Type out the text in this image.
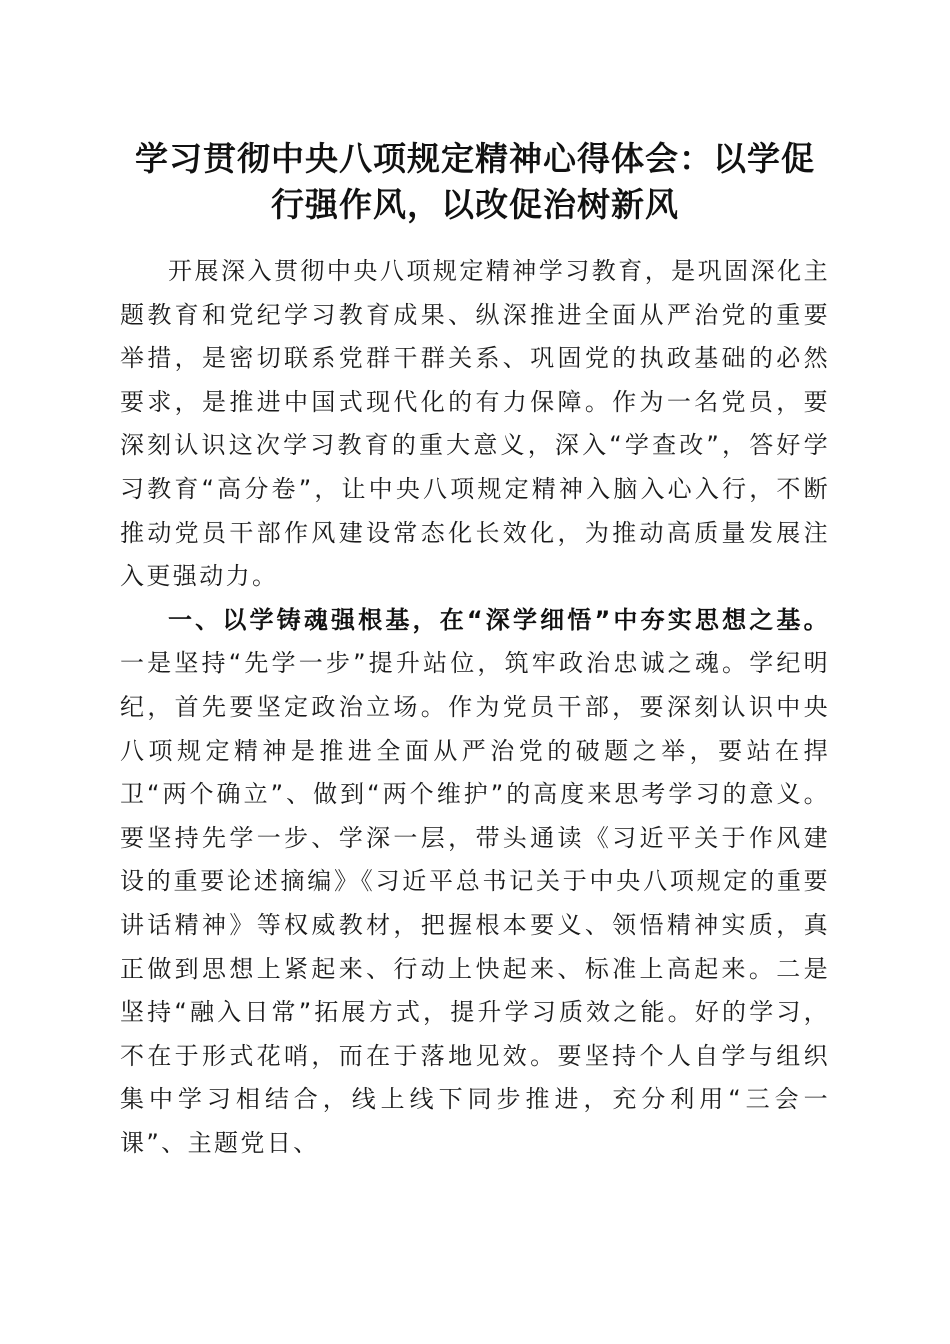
学习贯彻中央八项规定精神心得体会：以学促
行强作风，以改促治树新风

开展深入贯彻中央八项规定精神学习教育，是巩固深化主题教育和党纪学习教育成果、纵深推进全面从严治党的重要举措，是密切联系党群干群关系、巩固党的执政基础的必然要求，是推进中国式现代化的有力保障。作为一名党员，要深刻认识这次学习教育的重大意义，深入“学查改”，答好学习教育“高分卷”，让中央八项规定精神入脑入心入行，不断推动党员干部作风建设常态化长效化，为推动高质量发展注入更强动力。

一、以学铸魂强根基，在“深学细悟”中夯实思想之基。一是坚持“先学一步”提升站位，筑牢政治忠诚之魂。学纪明纪，首先要坚定政治立场。作为党员干部，要深刻认识中央八项规定精神是推进全面从严治党的破题之举，要站在捍卫“两个确立”、做到“两个维护”的高度来思考学习的意义。要坚持先学一步、学深一层，带头通读《习近平关于作风建设的重要论述摘编》《习近平总书记关于中央八项规定的重要讲话精神》等权威教材，把握根本要义、领悟精神实质，真正做到思想上紧起来、行动上快起来、标准上高起来。二是坚持“融入日常”拓展方式，提升学习质效之能。好的学习，不在于形式花哨，而在于落地见效。要坚持个人自学与组织集中学习相结合，线上线下同步推进，充分利用“三会一课”、主题党日、
